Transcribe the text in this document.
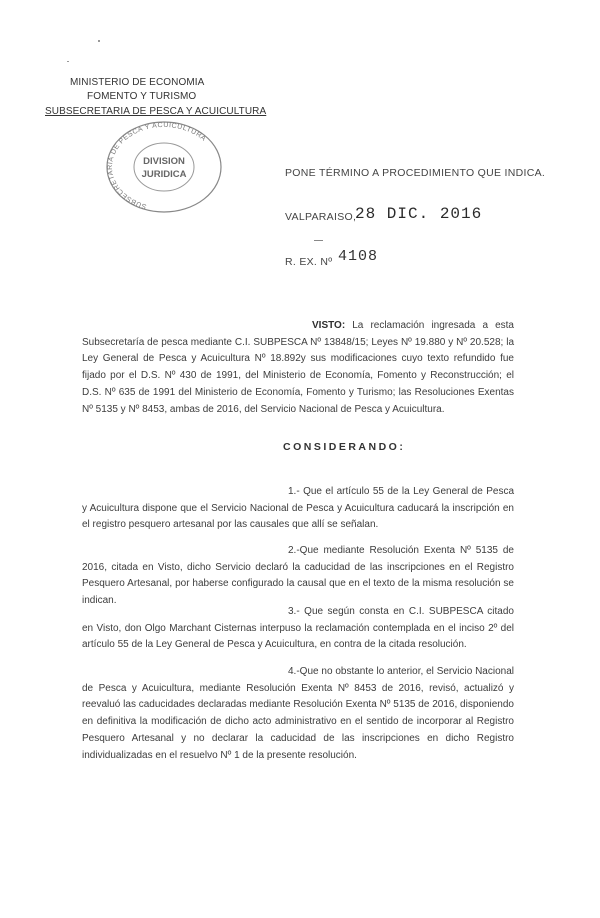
MINISTERIO DE ECONOMIA
FOMENTO Y TURISMO
SUBSECRETARIA DE PESCA Y ACUICULTURA
SUBSECRETARIA DE PESCA Y ACUICULTURA
DIVISION
JURIDICA	PONE TÉRMINO A PROCEDIMIENTO QUE INDICA.
VALPARAISO,
28 DIC. 2016
R. EX. Nº 4108
VISTO: La reclamación ingresada a esta Subsecretaría de pesca mediante C.I. SUBPESCA Nº 13848/15; Leyes Nº 19.880 y Nº 20.528; la Ley General de Pesca y Acuicultura Nº 18.892y sus modificaciones cuyo texto refundido fue fijado por el D.S. Nº 430 de 1991, del Ministerio de Economía, Fomento y Reconstrucción; el D.S. Nº 635 de 1991 del Ministerio de Economía, Fomento y Turismo; las Resoluciones Exentas Nº 5135 y Nº 8453, ambas de 2016, del Servicio Nacional de Pesca y Acuicultura.
CONSIDERANDO:
1.- Que el artículo 55 de la Ley General de Pesca y Acuicultura dispone que el Servicio Nacional de Pesca y Acuicultura caducará la inscripción en el registro pesquero artesanal por las causales que allí se señalan.
2.-Que mediante Resolución Exenta Nº 5135 de 2016, citada en Visto, dicho Servicio declaró la caducidad de las inscripciones en el Registro Pesquero Artesanal, por haberse configurado la causal que en el texto de la misma resolución se indican.
3.- Que según consta en C.I. SUBPESCA citado en Visto, don Olgo Marchant Cisternas interpuso la reclamación contemplada en el inciso 2º del artículo 55 de la Ley General de Pesca y Acuicultura, en contra de la citada resolución.
4.-Que no obstante lo anterior, el Servicio Nacional de Pesca y Acuicultura, mediante Resolución Exenta Nº 8453 de 2016, revisó, actualizó y reevaluó las caducidades declaradas mediante Resolución Exenta Nº 5135 de 2016, disponiendo en definitiva la modificación de dicho acto administrativo en el sentido de incorporar al Registro Pesquero Artesanal y no declarar la caducidad de las inscripciones en dicho Registro individualizadas en el resuelvo Nº 1 de la presente resolución.
